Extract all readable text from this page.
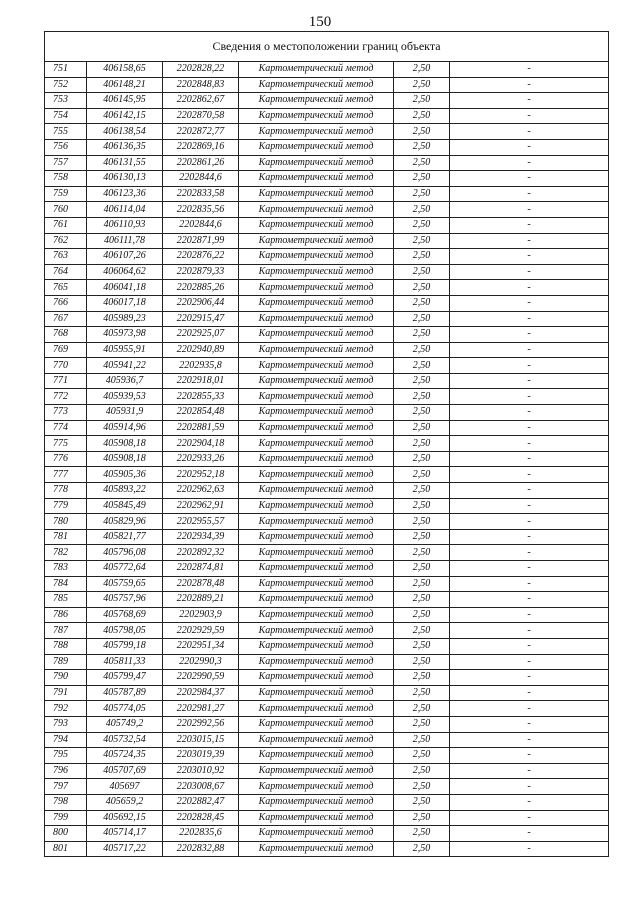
150
Сведения о местоположении границ объекта					
751	406158,65	2202828,22	Картометрический метод	2,50	-
752	406148,21	2202848,83	Картометрический метод	2,50	-
753	406145,95	2202862,67	Картометрический метод	2,50	-
754	406142,15	2202870,58	Картометрический метод	2,50	-
755	406138,54	2202872,77	Картометрический метод	2,50	-
756	406136,35	2202869,16	Картометрический метод	2,50	-
757	406131,55	2202861,26	Картометрический метод	2,50	-
758	406130,13	2202844,6	Картометрический метод	2,50	-
759	406123,36	2202833,58	Картометрический метод	2,50	-
760	406114,04	2202835,56	Картометрический метод	2,50	-
761	406110,93	2202844,6	Картометрический метод	2,50	-
762	406111,78	2202871,99	Картометрический метод	2,50	-
763	406107,26	2202876,22	Картометрический метод	2,50	-
764	406064,62	2202879,33	Картометрический метод	2,50	-
765	406041,18	2202885,26	Картометрический метод	2,50	-
766	406017,18	2202906,44	Картометрический метод	2,50	-
767	405989,23	2202915,47	Картометрический метод	2,50	-
768	405973,98	2202925,07	Картометрический метод	2,50	-
769	405955,91	2202940,89	Картометрический метод	2,50	-
770	405941,22	2202935,8	Картометрический метод	2,50	-
771	405936,7	2202918,01	Картометрический метод	2,50	-
772	405939,53	2202855,33	Картометрический метод	2,50	-
773	405931,9	2202854,48	Картометрический метод	2,50	-
774	405914,96	2202881,59	Картометрический метод	2,50	-
775	405908,18	2202904,18	Картометрический метод	2,50	-
776	405908,18	2202933,26	Картометрический метод	2,50	-
777	405905,36	2202952,18	Картометрический метод	2,50	-
778	405893,22	2202962,63	Картометрический метод	2,50	-
779	405845,49	2202962,91	Картометрический метод	2,50	-
780	405829,96	2202955,57	Картометрический метод	2,50	-
781	405821,77	2202934,39	Картометрический метод	2,50	-
782	405796,08	2202892,32	Картометрический метод	2,50	-
783	405772,64	2202874,81	Картометрический метод	2,50	-
784	405759,65	2202878,48	Картометрический метод	2,50	-
785	405757,96	2202889,21	Картометрический метод	2,50	-
786	405768,69	2202903,9	Картометрический метод	2,50	-
787	405798,05	2202929,59	Картометрический метод	2,50	-
788	405799,18	2202951,34	Картометрический метод	2,50	-
789	405811,33	2202990,3	Картометрический метод	2,50	-
790	405799,47	2202990,59	Картометрический метод	2,50	-
791	405787,89	2202984,37	Картометрический метод	2,50	-
792	405774,05	2202981,27	Картометрический метод	2,50	-
793	405749,2	2202992,56	Картометрический метод	2,50	-
794	405732,54	2203015,15	Картометрический метод	2,50	-
795	405724,35	2203019,39	Картометрический метод	2,50	-
796	405707,69	2203010,92	Картометрический метод	2,50	-
797	405697	2203008,67	Картометрический метод	2,50	-
798	405659,2	2202882,47	Картометрический метод	2,50	-
799	405692,15	2202828,45	Картометрический метод	2,50	-
800	405714,17	2202835,6	Картометрический метод	2,50	-
801	405717,22	2202832,88	Картометрический метод	2,50	-
